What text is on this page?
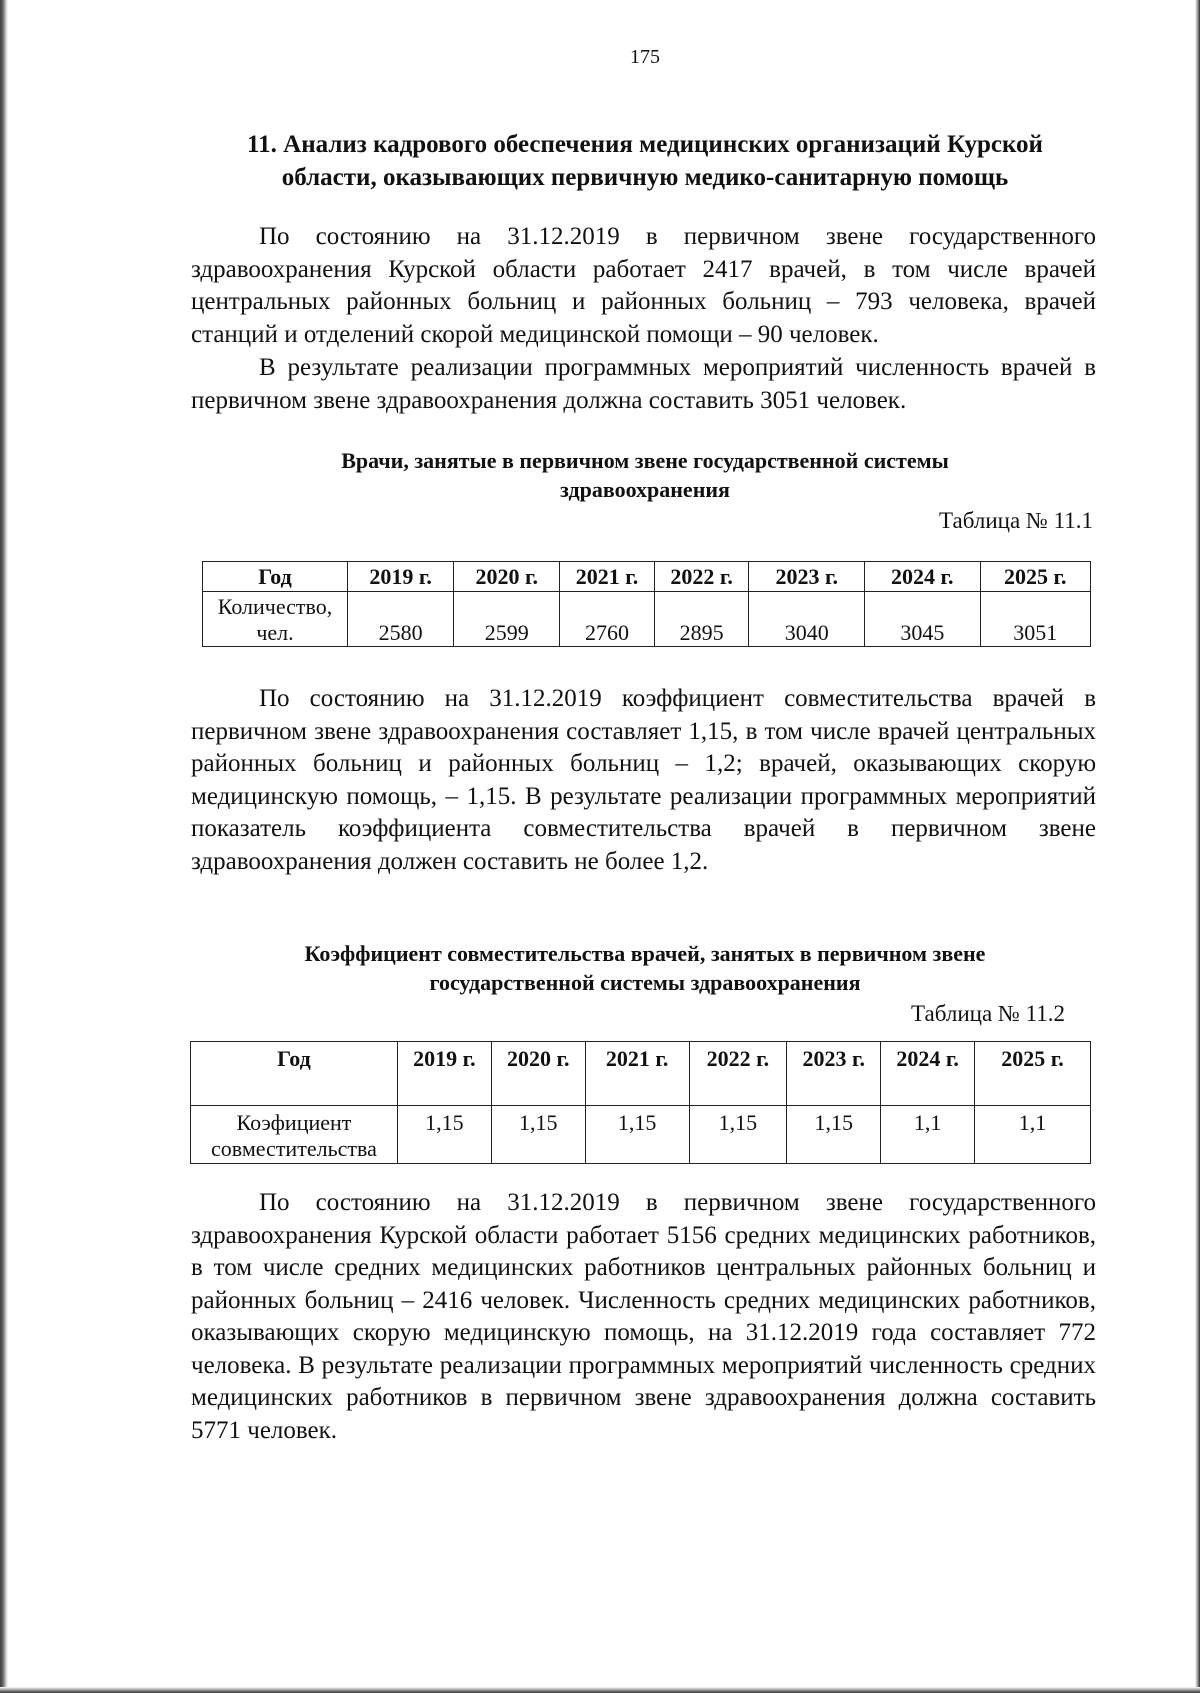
175
11. Анализ кадрового обеспечения медицинских организаций Курской
области, оказывающих первичную медико-санитарную помощь

По состоянию на 31.12.2019 в первичном звене государственного здравоохранения Курской области работает 2417 врачей, в том числе врачей центральных районных больниц и районных больниц – 793 человека, врачей станций и отделений скорой медицинской помощи – 90 человек.

В результате реализации программных мероприятий численность врачей в первичном звене здравоохранения должна составить 3051 человек.

Врачи, занятые в первичном звене государственной системы
здравоохранения
Таблица № 11.1
Год	2019 г.	2020 г.	2021 г.	2022 г.	2023 г.	2024 г.	2025 г.

Количество,
чел.	2580	2599	2760	2895	3040	3045	3051

По состоянию на 31.12.2019 коэффициент совместительства врачей в первичном звене здравоохранения составляет 1,15, в том числе врачей центральных районных больниц и районных больниц – 1,2; врачей, оказывающих скорую медицинскую помощь, – 1,15. В результате реализации программных мероприятий показатель коэффициента совместительства врачей в первичном звене здравоохранения должен составить не более 1,2.

Коэффициент совместительства врачей, занятых в первичном звене
государственной системы здравоохранения
Таблица № 11.2
Год	2019 г.	2020 г.	2021 г.	2022 г.	2023 г.	2024 г.	2025 г.

Коэфициент
совместительства	1,15	1,15	1,15	1,15	1,15	1,1	1,1

По состоянию на 31.12.2019 в первичном звене государственного здравоохранения Курской области работает 5156 средних медицинских работников, в том числе средних медицинских работников центральных районных больниц и районных больниц – 2416 человек. Численность средних медицинских работников, оказывающих скорую медицинскую помощь, на 31.12.2019 года составляет 772 человека. В результате реализации программных мероприятий численность средних медицинских работников в первичном звене здравоохранения должна составить 5771 человек.
